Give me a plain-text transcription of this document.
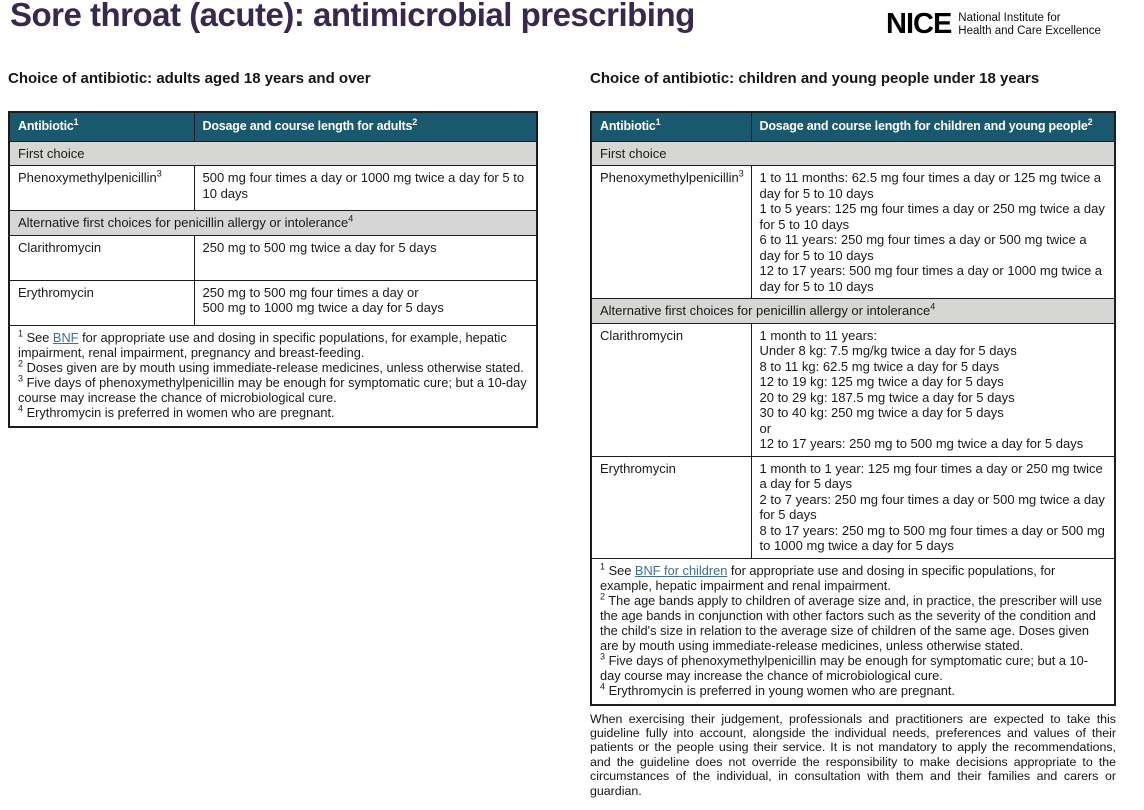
Sore throat (acute): antimicrobial prescribing	NICE National Institute for
Health and Care Excellence
Choice of antibiotic: adults aged 18 years and over
Antibiotic$^1$	Dosage and course length for adults$^2$
First choice	
Phenoxymethylpenicillin$^3$	500 mg four times a day or 1000 mg twice a day for 5 to 10 days

Alternative first choices for penicillin allergy or intolerance$^4$
Clarithromycin	250 mg to 500 mg twice a day for 5 days

Erythromycin	250 mg to 500 mg four times a day or
500 mg to 1000 mg twice a day for 5 days

$^1$ See BNF for appropriate use and dosing in specific populations, for example, hepatic impairment, renal impairment, pregnancy and breast-feeding.
$^2$ Doses given are by mouth using immediate-release medicines, unless otherwise stated.
$^3$ Five days of phenoxymethylpenicillin may be enough for symptomatic cure; but a 10-day course may increase the chance of microbiological cure.
$^4$ Erythromycin is preferred in women who are pregnant.	
Choice of antibiotic: children and young people under 18 years
Antibiotic$^1$	Dosage and course length for children and young people$^2$
First choice	
Phenoxymethylpenicillin$^3$	1 to 11 months: 62.5 mg four times a day or 125 mg twice a day for 5 to 10 days
1 to 5 years: 125 mg four times a day or 250 mg twice a day for 5 to 10 days
6 to 11 years: 250 mg four times a day or 500 mg twice a day for 5 to 10 days
12 to 17 years: 500 mg four times a day or 1000 mg twice a day for 5 to 10 days

Alternative first choices for penicillin allergy or intolerance$^4$
Clarithromycin	1 month to 11 years:
Under 8 kg: 7.5 mg/kg twice a day for 5 days
8 to 11 kg: 62.5 mg twice a day for 5 days
12 to 19 kg: 125 mg twice a day for 5 days
20 to 29 kg: 187.5 mg twice a day for 5 days
30 to 40 kg: 250 mg twice a day for 5 days
or
12 to 17 years: 250 mg to 500 mg twice a day for 5 days

Erythromycin	1 month to 1 year: 125 mg four times a day or 250 mg twice a day for 5 days
2 to 7 years: 250 mg four times a day or 500 mg twice a day for 5 days
8 to 17 years: 250 mg to 500 mg four times a day or 500 mg to 1000 mg twice a day for 5 days

$^1$ See BNF for children for appropriate use and dosing in specific populations, for example, hepatic impairment and renal impairment.
$^2$ The age bands apply to children of average size and, in practice, the prescriber will use the age bands in conjunction with other factors such as the severity of the condition and the child's size in relation to the average size of children of the same age. Doses given are by mouth using immediate-release medicines, unless otherwise stated.
$^3$ Five days of phenoxymethylpenicillin may be enough for symptomatic cure; but a 10-day course may increase the chance of microbiological cure.
$^4$ Erythromycin is preferred in young women who are pregnant.	

When exercising their judgement, professionals and practitioners are expected to take this guideline fully into account, alongside the individual needs, preferences and values of their patients or the people using their service. It is not mandatory to apply the recommendations, and the guideline does not override the responsibility to make decisions appropriate to the circumstances of the individual, in consultation with them and their families and carers or guardian.
